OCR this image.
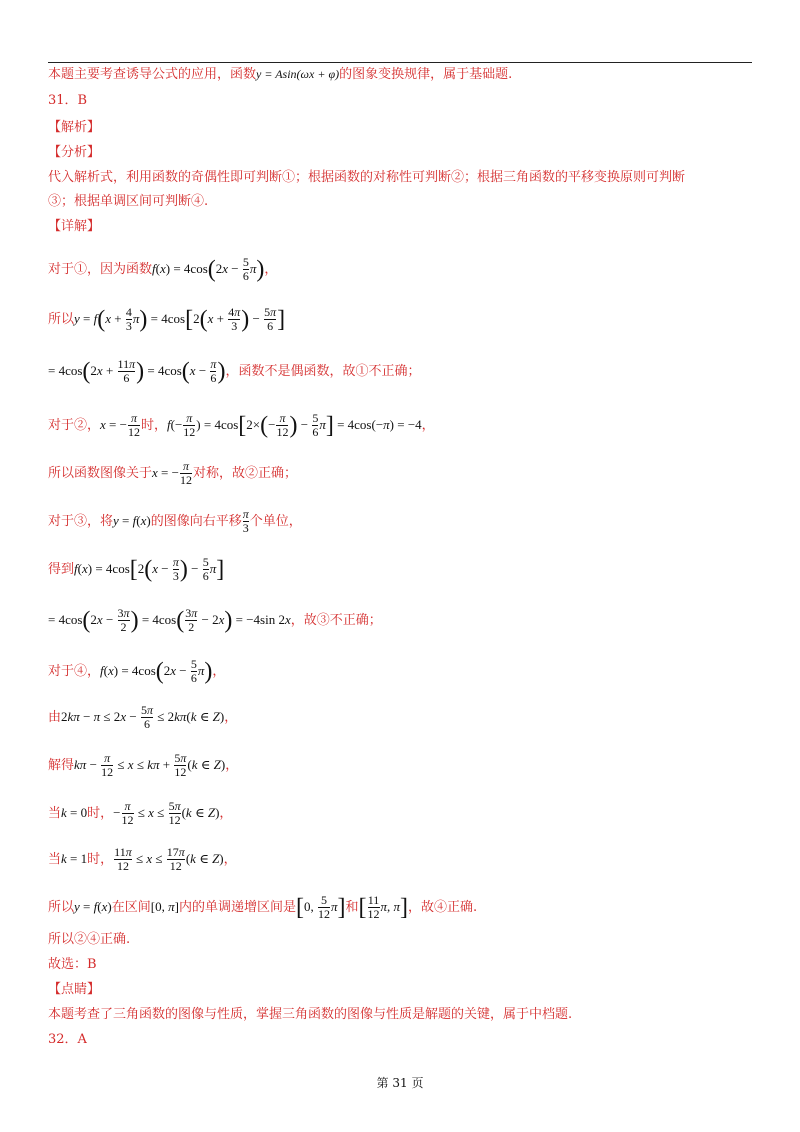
本题主要考查诱导公式的应用，函数y = Asin(ωx + φ)的图象变换规律，属于基础题.
31．B
【解析】
【分析】
代入解析式，利用函数的奇偶性即可判断①；根据函数的对称性可判断②；根据三角函数的平移变换原则可判断
③；根据单调区间可判断④.
【详解】
对于①，因为函数$f(x) = 4\cos(2x - \frac{5}{6} \pi)$，
所以$y = f(x + \frac{4}{3} \pi) = 4\cos[2(x + \frac{4\pi}{3}$ ) − $\frac{5\pi}{6}$ ]
= $4\cos(2x + \frac{11\pi}{6}$ ) = $4\cos(x - \frac{\pi}{6}$ )，函数不是偶函数，故①不正确；
对于②，x = − $\frac{\pi}{12}$ 时，$f(- \frac{\pi}{12}$ ) = $4\cos[2\times(- \frac{\pi}{12}$ ) − $\frac{5}{6} \pi] = 4\cos(-\pi) = -4$，
所以函数图像关于x = − $\frac{\pi}{12}$ 对称，故②正确；
对于③，将y = f(x)的图像向右平移 $\frac{\pi}{3}$ 个单位，
得到$f(x) = 4\cos[2(x - \frac{\pi}{3}$ ) − $\frac{5}{6} \pi$]
= $4\cos(2x - \frac{3\pi}{2}$ ) = $4\cos( \frac{3\pi}{2} - 2x) = -4\sin$ 2x，故③不正确；
对于④，$f(x) = 4\cos(2x - \frac{5}{6} \pi)$，
由$2k\pi - \pi \le 2x - \frac{5\pi}{6} \le 2k\pi(k$ ∈ Z)，
解得$k\pi - \frac{\pi}{12} \le x \le k\pi + \frac{5\pi}{12} (k$ ∈ Z)，
当k = 0时，− $\frac{\pi}{12} \le x \le \frac{5\pi}{12} (k$ ∈ Z)，
当k = 1时， $\frac{11\pi}{12} \le x \le \frac{17\pi}{12} (k$ ∈ Z)，
所以y = f(x)在区间[0, π]内的单调递增区间是[0, $\frac{5}{12} \pi$]和[ $\frac{11}{12} \pi$, π]，故④正确.
所以②④正确.
故选：B
【点睛】
本题考查了三角函数的图像与性质，掌握三角函数的图像与性质是解题的关键，属于中档题.
32．A
第 31 页
